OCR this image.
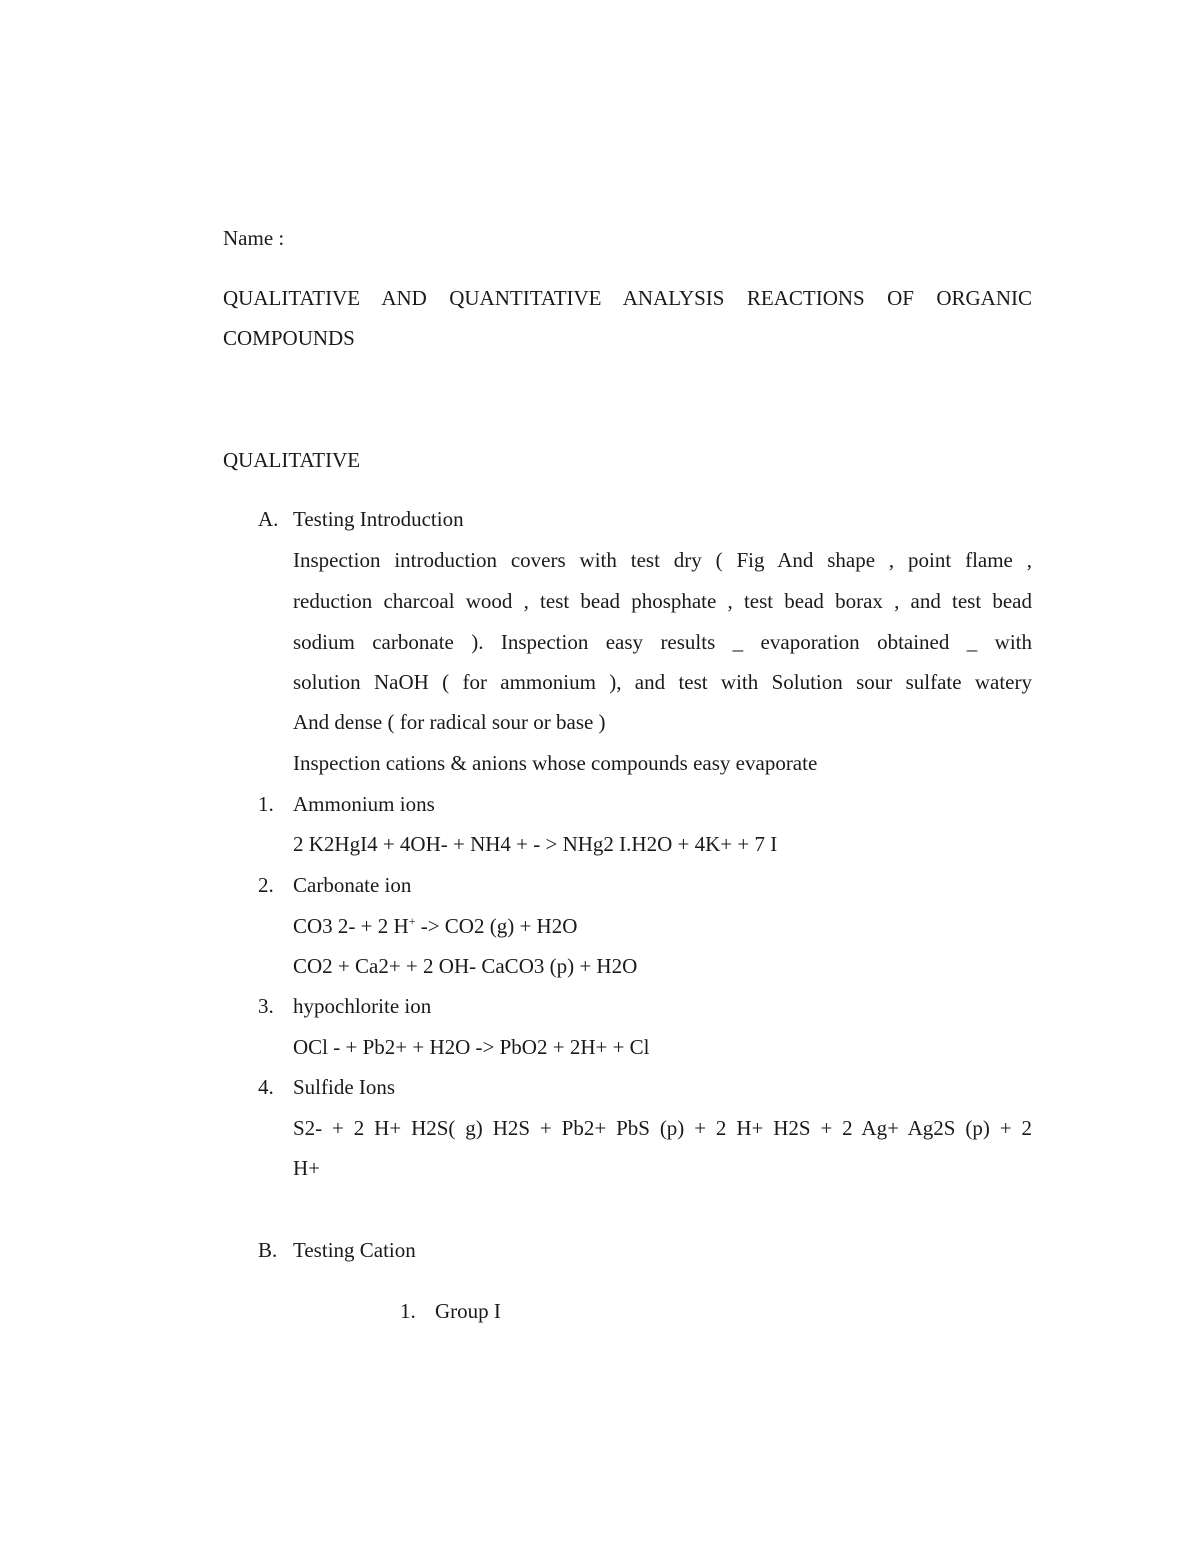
Name :
QUALITATIVE AND QUANTITATIVE ANALYSIS REACTIONS OF ORGANIC
COMPOUNDS
QUALITATIVE
A. Testing Introduction
Inspection introduction covers with test dry ( Fig And shape , point flame ,
reduction charcoal wood , test bead phosphate , test bead borax , and test bead
sodium carbonate ). Inspection easy results _ evaporation obtained _ with
solution NaOH ( for ammonium ), and test with Solution sour sulfate watery
And dense ( for radical sour or base )
Inspection cations & anions whose compounds easy evaporate
1. Ammonium ions
2 K2HgI4 + 4OH- + NH4 + - > NHg2 I.H2O + 4K+ + 7 I
2. Carbonate ion
CO3 2- + 2 H+ -> CO2 (g) + H2O
CO2 + Ca2+ + 2 OH- CaCO3 (p) + H2O
3. hypochlorite ion
OCl - + Pb2+ + H2O -> PbO2 + 2H+ + Cl
4. Sulfide Ions
S2- + 2 H+ H2S( g) H2S + Pb2+ PbS (p) + 2 H+ H2S + 2 Ag+ Ag2S (p) + 2
H+
B. Testing Cation
1. Group I
